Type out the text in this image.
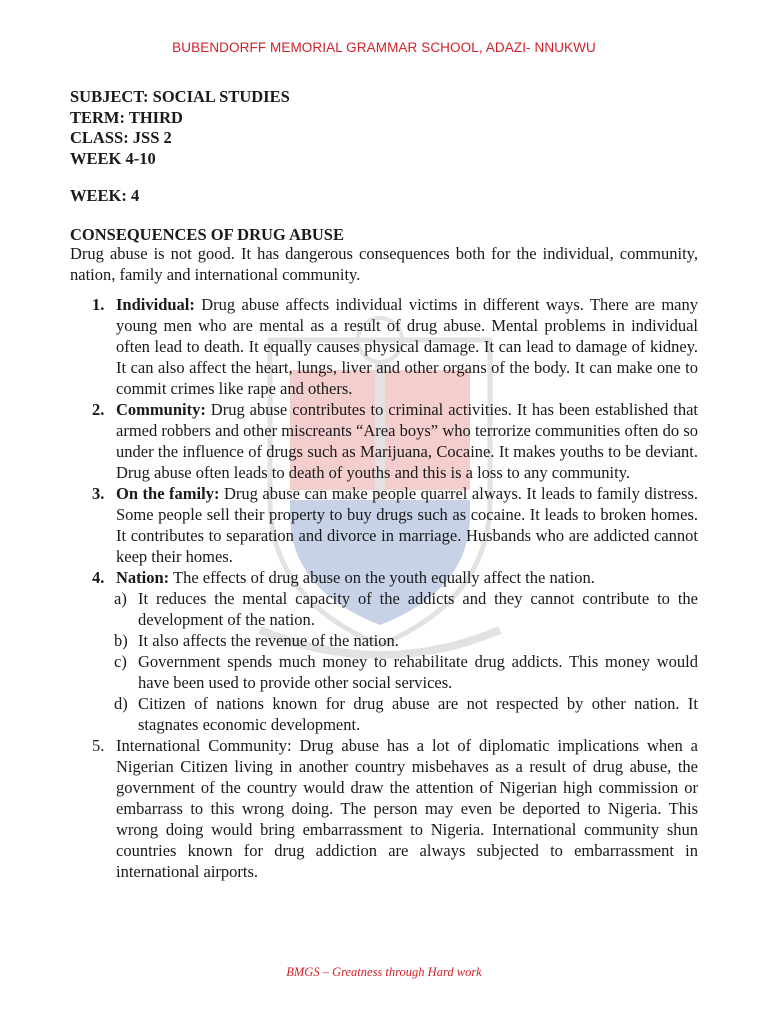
BUBENDORFF MEMORIAL GRAMMAR SCHOOL, ADAZI- NNUKWU
SUBJECT: SOCIAL STUDIES
TERM: THIRD
CLASS: JSS 2
WEEK 4-10
WEEK: 4
CONSEQUENCES OF DRUG ABUSE
Drug abuse is not good. It has dangerous consequences both for the individual, community, nation, family and international community.
1. Individual: Drug abuse affects individual victims in different ways. There are many young men who are mental as a result of drug abuse. Mental problems in individual often lead to death. It equally causes physical damage. It can lead to damage of kidney. It can also affect the heart, lungs, liver and other organs of the body. It can make one to commit crimes like rape and others.
2. Community: Drug abuse contributes to criminal activities. It has been established that armed robbers and other miscreants “Area boys” who terrorize communities often do so under the influence of drugs such as Marijuana, Cocaine. It makes youths to be deviant. Drug abuse often leads to death of youths and this is a loss to any community.
3. On the family: Drug abuse can make people quarrel always. It leads to family distress. Some people sell their property to buy drugs such as cocaine. It leads to broken homes. It contributes to separation and divorce in marriage. Husbands who are addicted cannot keep their homes.
4. Nation: The effects of drug abuse on the youth equally affect the nation.
a) It reduces the mental capacity of the addicts and they cannot contribute to the development of the nation.
b) It also affects the revenue of the nation.
c) Government spends much money to rehabilitate drug addicts. This money would have been used to provide other social services.
d) Citizen of nations known for drug abuse are not respected by other nation. It stagnates economic development.
5. International Community: Drug abuse has a lot of diplomatic implications when a Nigerian Citizen living in another country misbehaves as a result of drug abuse, the government of the country would draw the attention of Nigerian high commission or embarrass to this wrong doing. The person may even be deported to Nigeria. This wrong doing would bring embarrassment to Nigeria. International community shun countries known for drug addiction are always subjected to embarrassment in international airports.
BMGS – Greatness through Hard work
